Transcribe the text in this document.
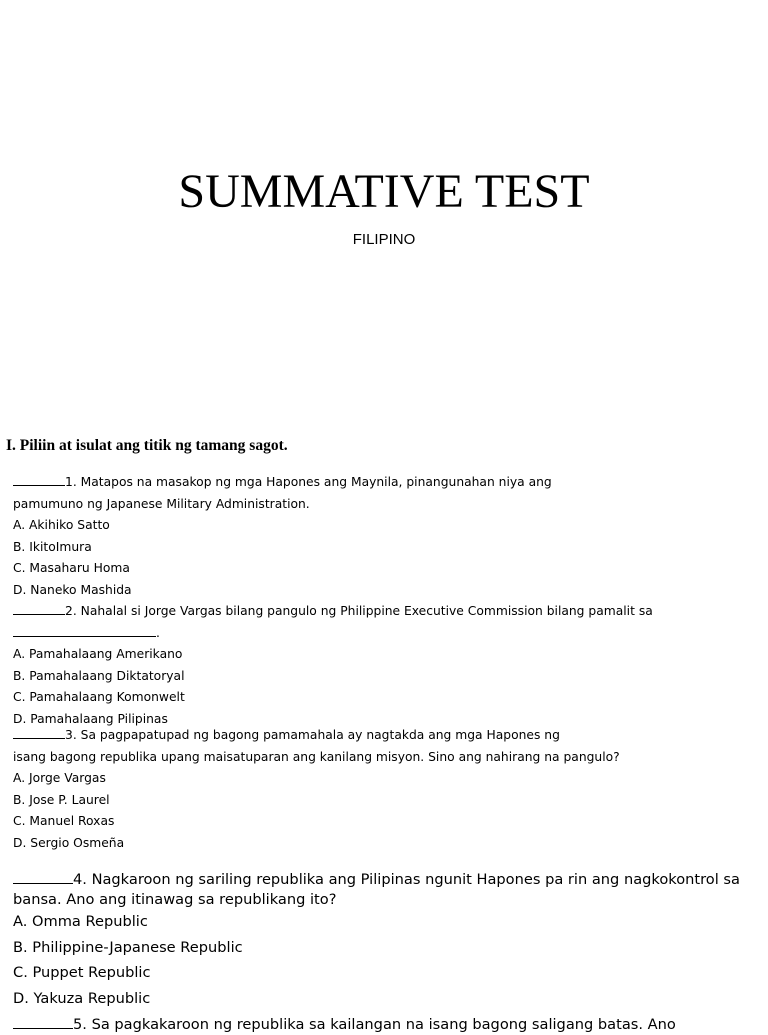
SUMMATIVE TEST
FILIPINO
I. Piliin at isulat ang titik ng tamang sagot.
1. Matapos na masakop ng mga Hapones ang Maynila, pinangunahan niya ang
pamumuno ng Japanese Military Administration.
A. Akihiko Satto
B. IkitoImura
C. Masaharu Homa
D. Naneko Mashida
2. Nahalal si Jorge Vargas bilang pangulo ng Philippine Executive Commission bilang pamalit sa
.
A. Pamahalaang Amerikano
B. Pamahalaang Diktatoryal
C. Pamahalaang Komonwelt
D. Pamahalaang Pilipinas
3. Sa pagpapatupad ng bagong pamamahala ay nagtakda ang mga Hapones ng
isang bagong republika upang maisatuparan ang kanilang misyon. Sino ang nahirang na pangulo?
A. Jorge Vargas
B. Jose P. Laurel
C. Manuel Roxas
D. Sergio Osmeña
4. Nagkaroon ng sariling republika ang Pilipinas ngunit Hapones pa rin ang nagkokontrol sa
bansa. Ano ang itinawag sa republikang ito?
A. Omma Republic
B. Philippine-Japanese Republic
C. Puppet Republic
D. Yakuza Republic
5. Sa pagkakaroon ng republika sa kailangan na isang bagong saligang batas. Ano
